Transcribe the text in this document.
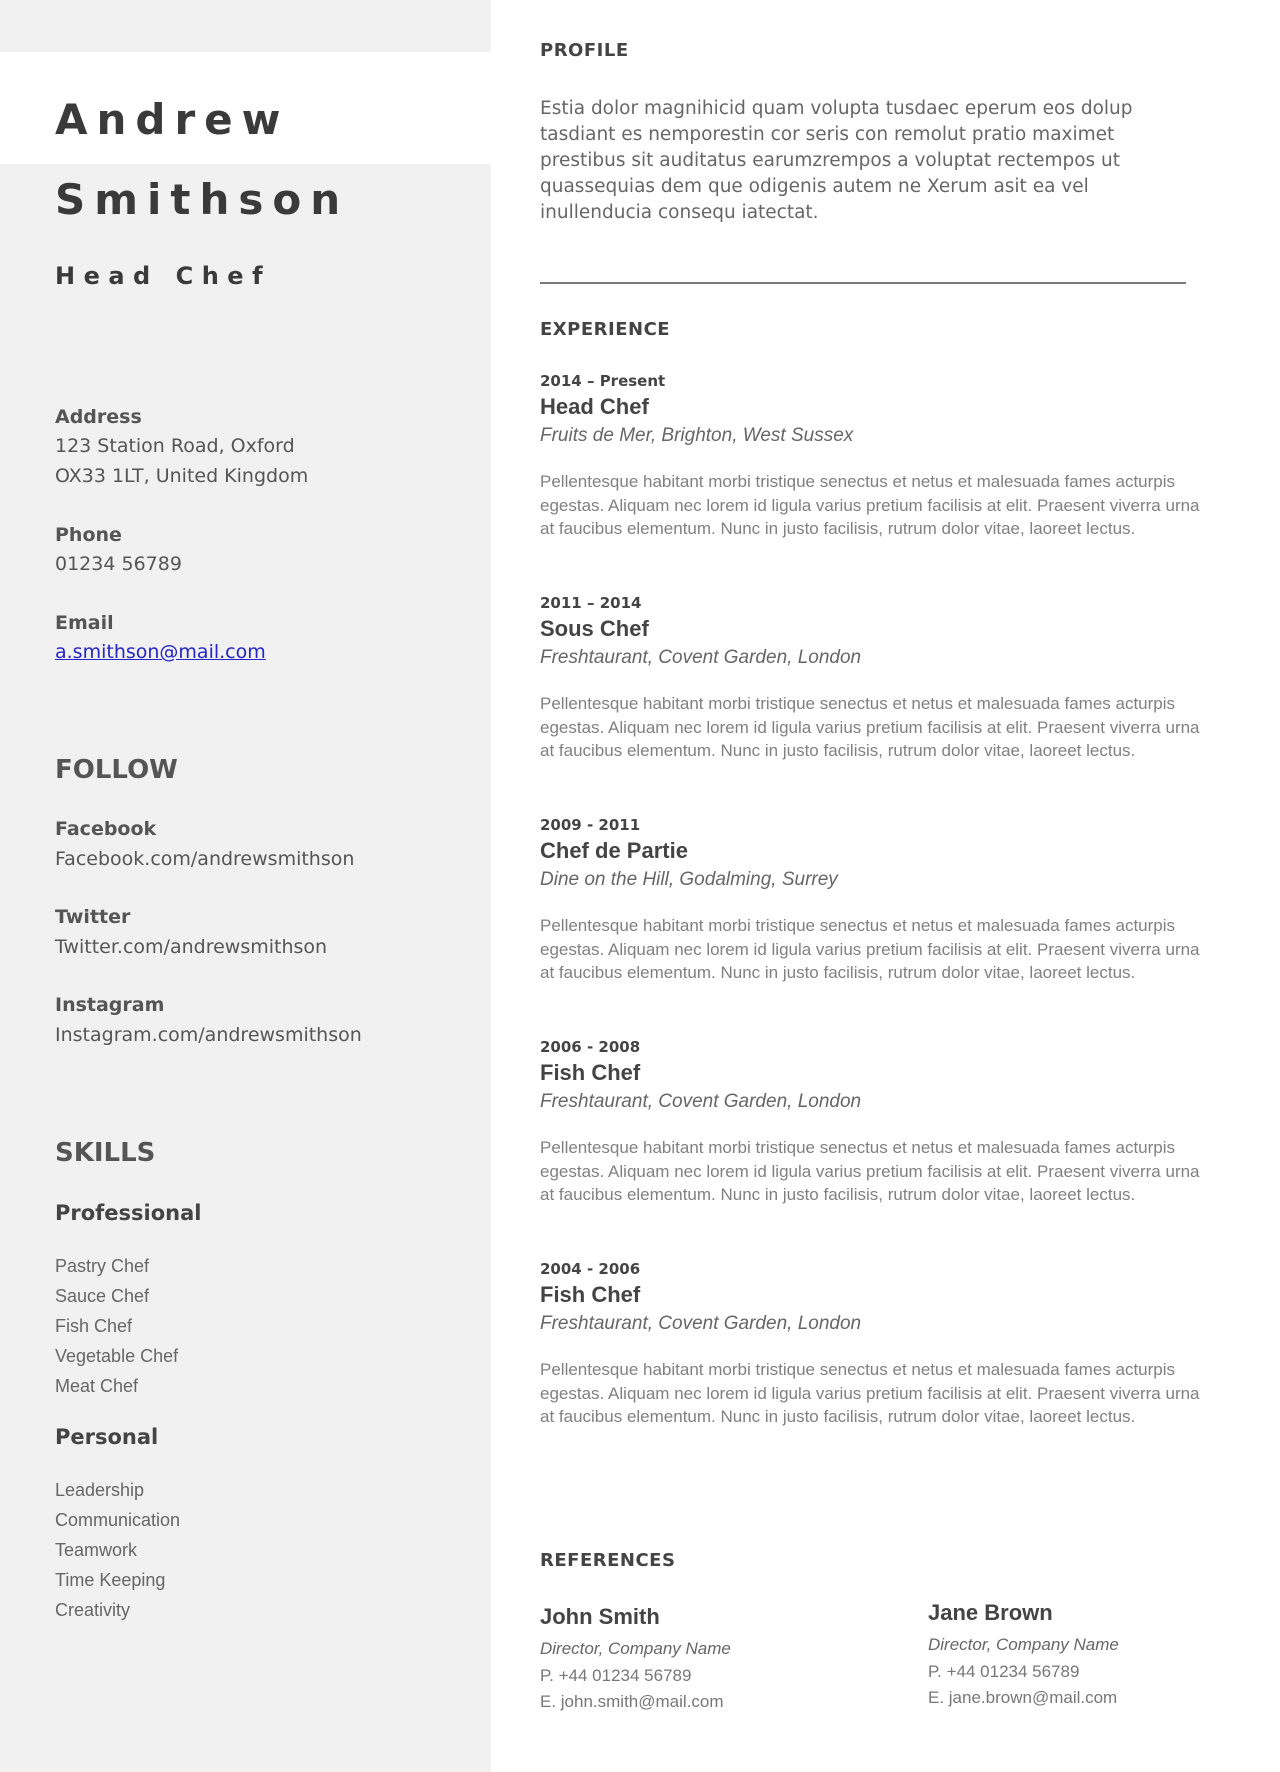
Andrew
Smithson
Head Chef
Address
123 Station Road, Oxford
OX33 1LT, United Kingdom
Phone
01234 56789
Email
a.smithson@mail.com
FOLLOW
Facebook
Facebook.com/andrewsmithson
Twitter
Twitter.com/andrewsmithson
Instagram
Instagram.com/andrewsmithson
SKILLS
Professional
Pastry Chef
Sauce Chef
Fish Chef
Vegetable Chef
Meat Chef
Personal
Leadership
Communication
Teamwork
Time Keeping
Creativity
PROFILE
Estia dolor magnihicid quam volupta tusdaec eperum eos dolup tasdiant es nemporestin cor seris con remolut pratio maximet prestibus sit auditatus earumzrempos a voluptat rectempos ut quassequias dem que odigenis autem ne Xerum asit ea vel inullenducia consequ iatectat.
EXPERIENCE
2014 – Present
Head Chef
Fruits de Mer, Brighton, West Sussex
Pellentesque habitant morbi tristique senectus et netus et malesuada fames acturpis egestas. Aliquam nec lorem id ligula varius pretium facilisis at elit. Praesent viverra urna at faucibus elementum. Nunc in justo facilisis, rutrum dolor vitae, laoreet lectus.
2011 – 2014
Sous Chef
Freshtaurant, Covent Garden, London
Pellentesque habitant morbi tristique senectus et netus et malesuada fames acturpis egestas. Aliquam nec lorem id ligula varius pretium facilisis at elit. Praesent viverra urna at faucibus elementum. Nunc in justo facilisis, rutrum dolor vitae, laoreet lectus.
2009 - 2011
Chef de Partie
Dine on the Hill, Godalming, Surrey
Pellentesque habitant morbi tristique senectus et netus et malesuada fames acturpis egestas. Aliquam nec lorem id ligula varius pretium facilisis at elit. Praesent viverra urna at faucibus elementum. Nunc in justo facilisis, rutrum dolor vitae, laoreet lectus.
2006 - 2008
Fish Chef
Freshtaurant, Covent Garden, London
Pellentesque habitant morbi tristique senectus et netus et malesuada fames acturpis egestas. Aliquam nec lorem id ligula varius pretium facilisis at elit. Praesent viverra urna at faucibus elementum. Nunc in justo facilisis, rutrum dolor vitae, laoreet lectus.
2004 - 2006
Fish Chef
Freshtaurant, Covent Garden, London
Pellentesque habitant morbi tristique senectus et netus et malesuada fames acturpis egestas. Aliquam nec lorem id ligula varius pretium facilisis at elit. Praesent viverra urna at faucibus elementum. Nunc in justo facilisis, rutrum dolor vitae, laoreet lectus.
REFERENCES
John Smith
Director, Company Name
P. +44 01234 56789
E. john.smith@mail.com
Jane Brown
Director, Company Name
P. +44 01234 56789
E. jane.brown@mail.com
